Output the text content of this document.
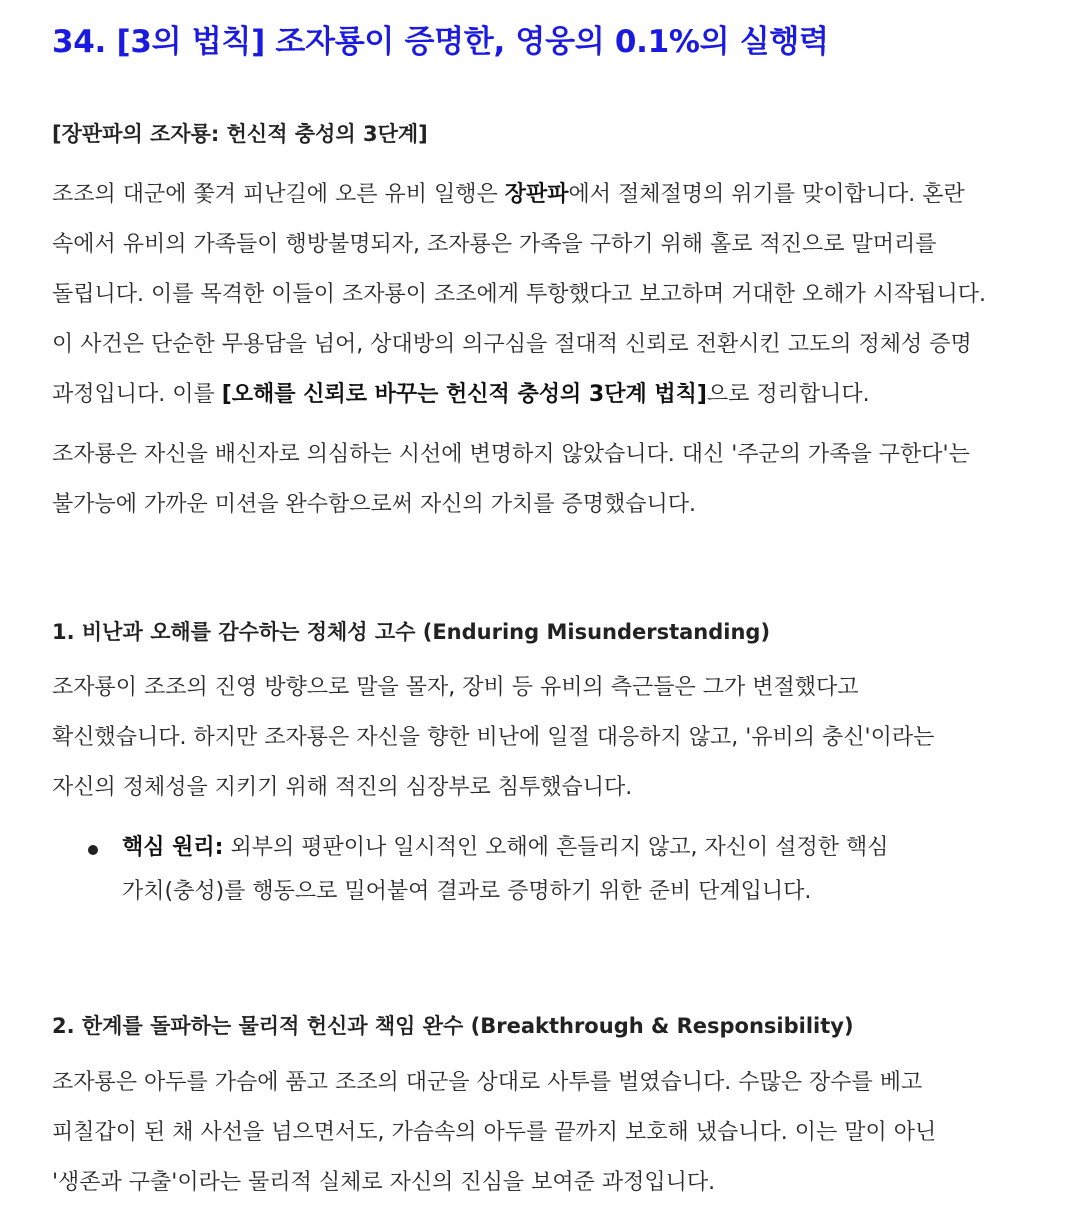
34. [3의 법칙] 조자룡이 증명한, 영웅의 0.1%의 실행력
[장판파의 조자룡: 헌신적 충성의 3단계]

조조의 대군에 쫓겨 피난길에 오른 유비 일행은 장판파에서 절체절명의 위기를 맞이합니다. 혼란
속에서 유비의 가족들이 행방불명되자, 조자룡은 가족을 구하기 위해 홀로 적진으로 말머리를
돌립니다. 이를 목격한 이들이 조자룡이 조조에게 투항했다고 보고하며 거대한 오해가 시작됩니다.
이 사건은 단순한 무용담을 넘어, 상대방의 의구심을 절대적 신뢰로 전환시킨 고도의 정체성 증명
과정입니다. 이를 [오해를 신뢰로 바꾸는 헌신적 충성의 3단계 법칙]으로 정리합니다.

조자룡은 자신을 배신자로 의심하는 시선에 변명하지 않았습니다. 대신 '주군의 가족을 구한다'는
불가능에 가까운 미션을 완수함으로써 자신의 가치를 증명했습니다.

1. 비난과 오해를 감수하는 정체성 고수 (Enduring Misunderstanding)

조자룡이 조조의 진영 방향으로 말을 몰자, 장비 등 유비의 측근들은 그가 변절했다고
확신했습니다. 하지만 조자룡은 자신을 향한 비난에 일절 대응하지 않고, '유비의 충신'이라는
자신의 정체성을 지키기 위해 적진의 심장부로 침투했습니다.

핵심 원리: 외부의 평판이나 일시적인 오해에 흔들리지 않고, 자신이 설정한 핵심
가치(충성)를 행동으로 밀어붙여 결과로 증명하기 위한 준비 단계입니다.
2. 한계를 돌파하는 물리적 헌신과 책임 완수 (Breakthrough & Responsibility)

조자룡은 아두를 가슴에 품고 조조의 대군을 상대로 사투를 벌였습니다. 수많은 장수를 베고
피칠갑이 된 채 사선을 넘으면서도, 가슴속의 아두를 끝까지 보호해 냈습니다. 이는 말이 아닌
'생존과 구출'이라는 물리적 실체로 자신의 진심을 보여준 과정입니다.
